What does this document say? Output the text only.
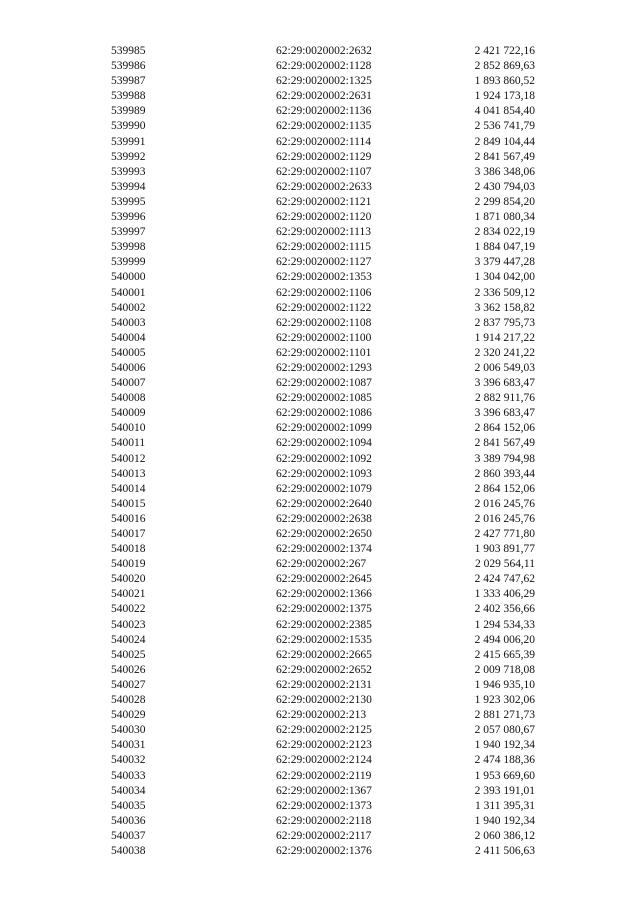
539985	62:29:0020002:2632	2 421 722,16
539986	62:29:0020002:1128	2 852 869,63
539987	62:29:0020002:1325	1 893 860,52
539988	62:29:0020002:2631	1 924 173,18
539989	62:29:0020002:1136	4 041 854,40
539990	62:29:0020002:1135	2 536 741,79
539991	62:29:0020002:1114	2 849 104,44
539992	62:29:0020002:1129	2 841 567,49
539993	62:29:0020002:1107	3 386 348,06
539994	62:29:0020002:2633	2 430 794,03
539995	62:29:0020002:1121	2 299 854,20
539996	62:29:0020002:1120	1 871 080,34
539997	62:29:0020002:1113	2 834 022,19
539998	62:29:0020002:1115	1 884 047,19
539999	62:29:0020002:1127	3 379 447,28
540000	62:29:0020002:1353	1 304 042,00
540001	62:29:0020002:1106	2 336 509,12
540002	62:29:0020002:1122	3 362 158,82
540003	62:29:0020002:1108	2 837 795,73
540004	62:29:0020002:1100	1 914 217,22
540005	62:29:0020002:1101	2 320 241,22
540006	62:29:0020002:1293	2 006 549,03
540007	62:29:0020002:1087	3 396 683,47
540008	62:29:0020002:1085	2 882 911,76
540009	62:29:0020002:1086	3 396 683,47
540010	62:29:0020002:1099	2 864 152,06
540011	62:29:0020002:1094	2 841 567,49
540012	62:29:0020002:1092	3 389 794,98
540013	62:29:0020002:1093	2 860 393,44
540014	62:29:0020002:1079	2 864 152,06
540015	62:29:0020002:2640	2 016 245,76
540016	62:29:0020002:2638	2 016 245,76
540017	62:29:0020002:2650	2 427 771,80
540018	62:29:0020002:1374	1 903 891,77
540019	62:29:0020002:267	2 029 564,11
540020	62:29:0020002:2645	2 424 747,62
540021	62:29:0020002:1366	1 333 406,29
540022	62:29:0020002:1375	2 402 356,66
540023	62:29:0020002:2385	1 294 534,33
540024	62:29:0020002:1535	2 494 006,20
540025	62:29:0020002:2665	2 415 665,39
540026	62:29:0020002:2652	2 009 718,08
540027	62:29:0020002:2131	1 946 935,10
540028	62:29:0020002:2130	1 923 302,06
540029	62:29:0020002:213	2 881 271,73
540030	62:29:0020002:2125	2 057 080,67
540031	62:29:0020002:2123	1 940 192,34
540032	62:29:0020002:2124	2 474 188,36
540033	62:29:0020002:2119	1 953 669,60
540034	62:29:0020002:1367	2 393 191,01
540035	62:29:0020002:1373	1 311 395,31
540036	62:29:0020002:2118	1 940 192,34
540037	62:29:0020002:2117	2 060 386,12
540038	62:29:0020002:1376	2 411 506,63
